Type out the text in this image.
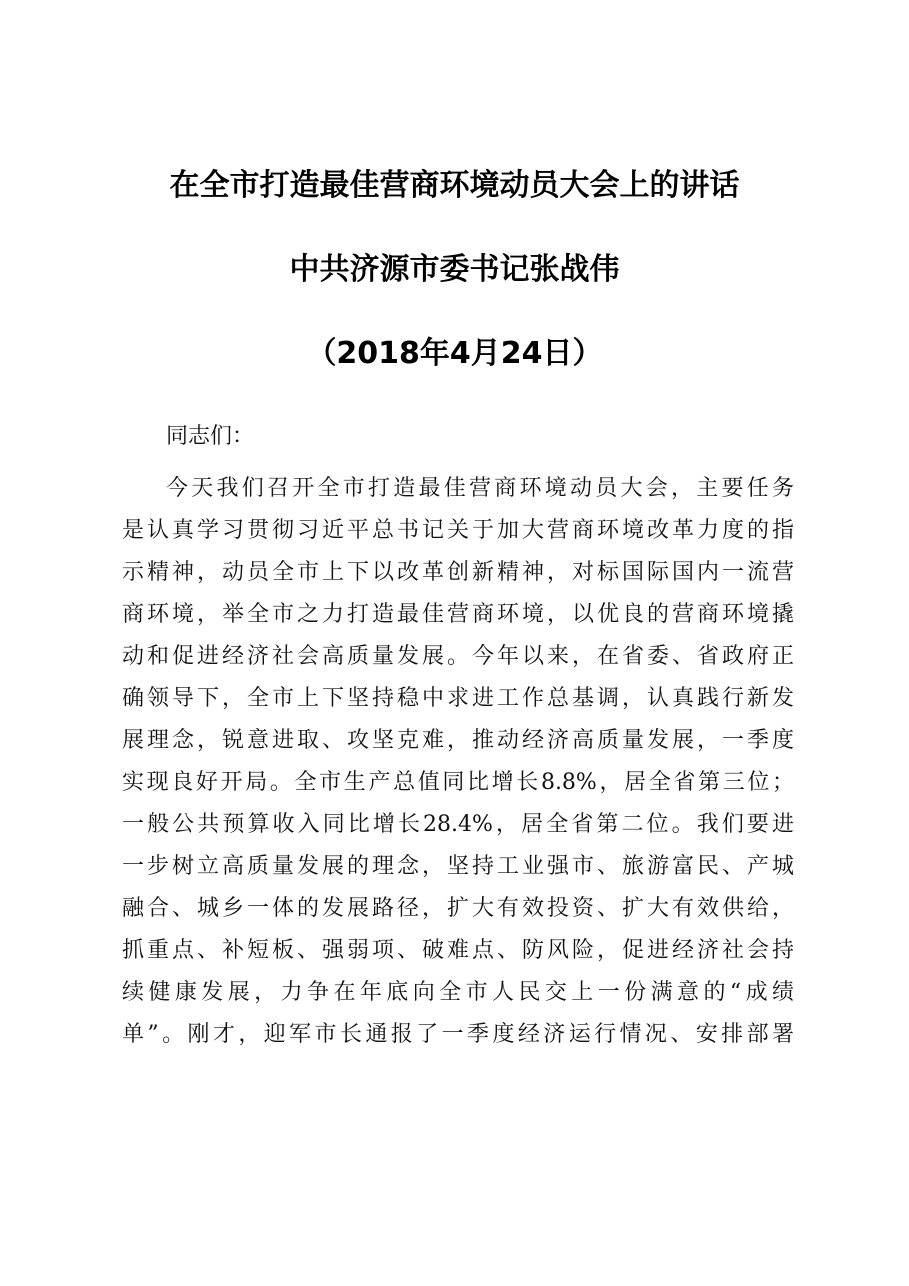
在全市打造最佳营商环境动员大会上的讲话
中共济源市委书记张战伟
（2018年4月24日）

同志们：

今天我们召开全市打造最佳营商环境动员大会，主要任务
是认真学习贯彻习近平总书记关于加大营商环境改革力度的指
示精神，动员全市上下以改革创新精神，对标国际国内一流营
商环境，举全市之力打造最佳营商环境，以优良的营商环境撬
动和促进经济社会高质量发展。今年以来，在省委、省政府正
确领导下，全市上下坚持稳中求进工作总基调，认真践行新发
展理念，锐意进取、攻坚克难，推动经济高质量发展，一季度
实现良好开局。全市生产总值同比增长8.8%，居全省第三位；
一般公共预算收入同比增长28.4%，居全省第二位。我们要进
一步树立高质量发展的理念，坚持工业强市、旅游富民、产城
融合、城乡一体的发展路径，扩大有效投资、扩大有效供给，
抓重点、补短板、强弱项、破难点、防风险，促进经济社会持
续健康发展，力争在年底向全市人民交上一份满意的“成绩
单”。刚才，迎军市长通报了一季度经济运行情况、安排部署
